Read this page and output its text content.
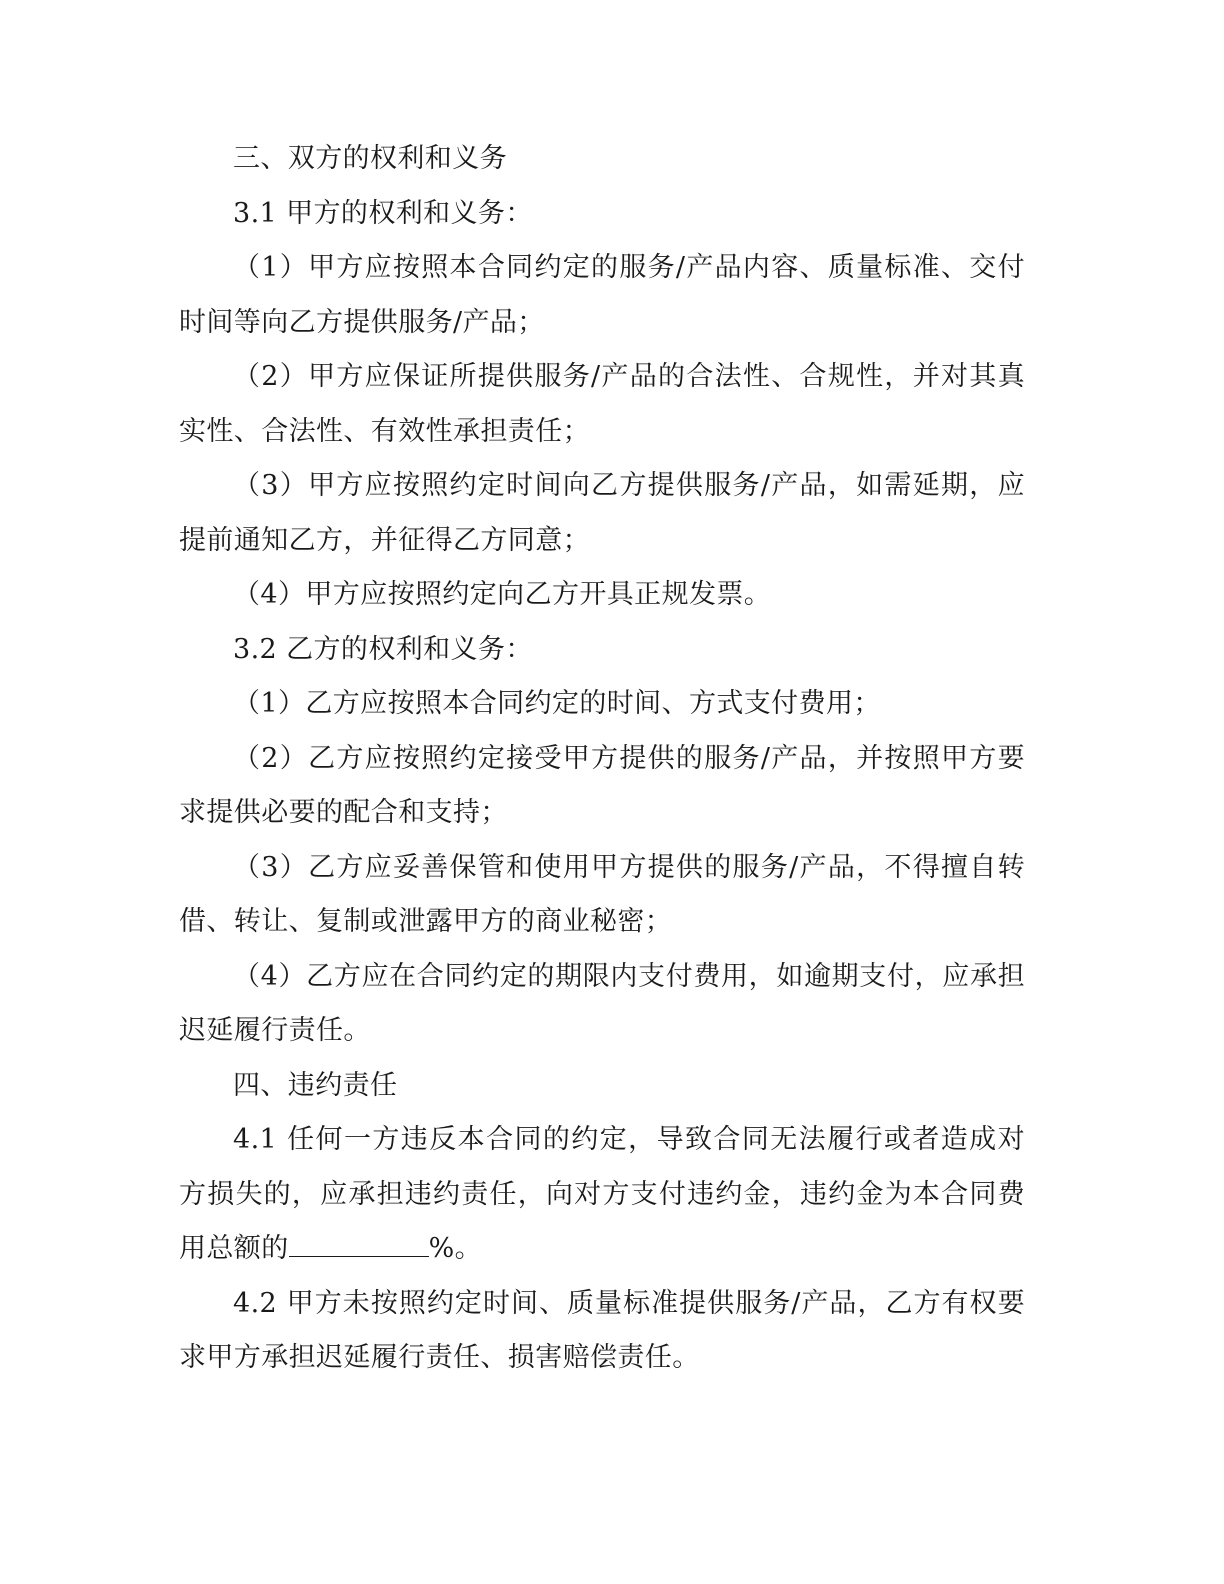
三、双方的权利和义务

3.1 甲方的权利和义务：

（1）甲方应按照本合同约定的服务/产品内容、质量标准、交付时间等向乙方提供服务/产品；

（2）甲方应保证所提供服务/产品的合法性、合规性，并对其真实性、合法性、有效性承担责任；

（3）甲方应按照约定时间向乙方提供服务/产品，如需延期，应提前通知乙方，并征得乙方同意；

（4）甲方应按照约定向乙方开具正规发票。

3.2 乙方的权利和义务：

（1）乙方应按照本合同约定的时间、方式支付费用；

（2）乙方应按照约定接受甲方提供的服务/产品，并按照甲方要求提供必要的配合和支持；

（3）乙方应妥善保管和使用甲方提供的服务/产品，不得擅自转借、转让、复制或泄露甲方的商业秘密；

（4）乙方应在合同约定的期限内支付费用，如逾期支付，应承担迟延履行责任。

四、违约责任

4.1 任何一方违反本合同的约定，导致合同无法履行或者造成对方损失的，应承担违约责任，向对方支付违约金，违约金为本合同费用总额的	%。

4.2 甲方未按照约定时间、质量标准提供服务/产品，乙方有权要求甲方承担迟延履行责任、损害赔偿责任。
